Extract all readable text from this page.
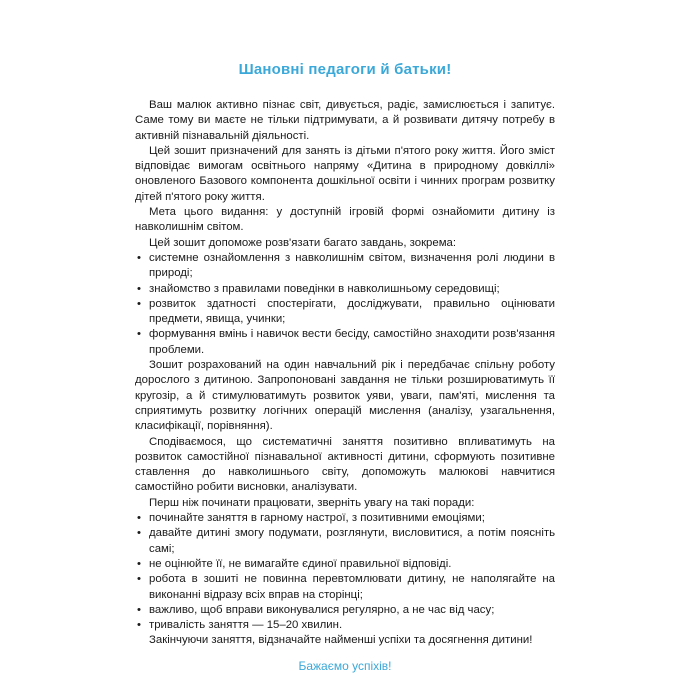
Шановні педагоги й батьки!

Ваш малюк активно пізнає світ, дивується, радіє, замислюється і запитує. Саме тому ви маєте не тільки підтримувати, а й розвивати дитячу потребу в активній пізнавальній діяльності.

Цей зошит призначений для занять із дітьми п'ятого року життя. Його зміст відповідає вимогам освітнього напряму «Дитина в природному довкіллі» оновленого Базового компонента дошкільної освіти і чинних програм розвитку дітей п'ятого року життя.

Мета цього видання: у доступній ігровій формі ознайомити дитину із навколишнім світом.

Цей зошит допоможе розв'язати багато завдань, зокрема:

• системне ознайомлення з навколишнім світом, визначення ролі людини в природі;
• знайомство з правилами поведінки в навколишньому середовищі;
• розвиток здатності спостерігати, досліджувати, правильно оцінювати предмети, явища, учинки;
• формування вмінь і навичок вести бесіду, самостійно знаходити розв'язання проблеми.

Зошит розрахований на один навчальний рік і передбачає спільну роботу дорослого з дитиною. Запропоновані завдання не тільки розширюватимуть її кругозір, а й стимулюватимуть розвиток уяви, уваги, пам'яті, мислення та сприятимуть розвитку логічних операцій мислення (аналізу, узагальнення, класифікації, порівняння).

Сподіваємося, що систематичні заняття позитивно впливатимуть на розвиток самостійної пізнавальної активності дитини, сформують позитивне ставлення до навколишнього світу, допоможуть малюкові навчитися самостійно робити висновки, аналізувати.

Перш ніж починати працювати, зверніть увагу на такі поради:

• починайте заняття в гарному настрої, з позитивними емоціями;
• давайте дитині змогу подумати, розглянути, висловитися, а потім поясніть самі;
• не оцінюйте її, не вимагайте єдиної правильної відповіді.
• робота в зошиті не повинна перевтомлювати дитину, не наполягайте на виконанні відразу всіх вправ на сторінці;
• важливо, щоб вправи виконувалися регулярно, а не час від часу;
• тривалість заняття — 15–20 хвилин.

Закінчуючи заняття, відзначайте найменші успіхи та досягнення дитини!

Бажаємо успіхів!
